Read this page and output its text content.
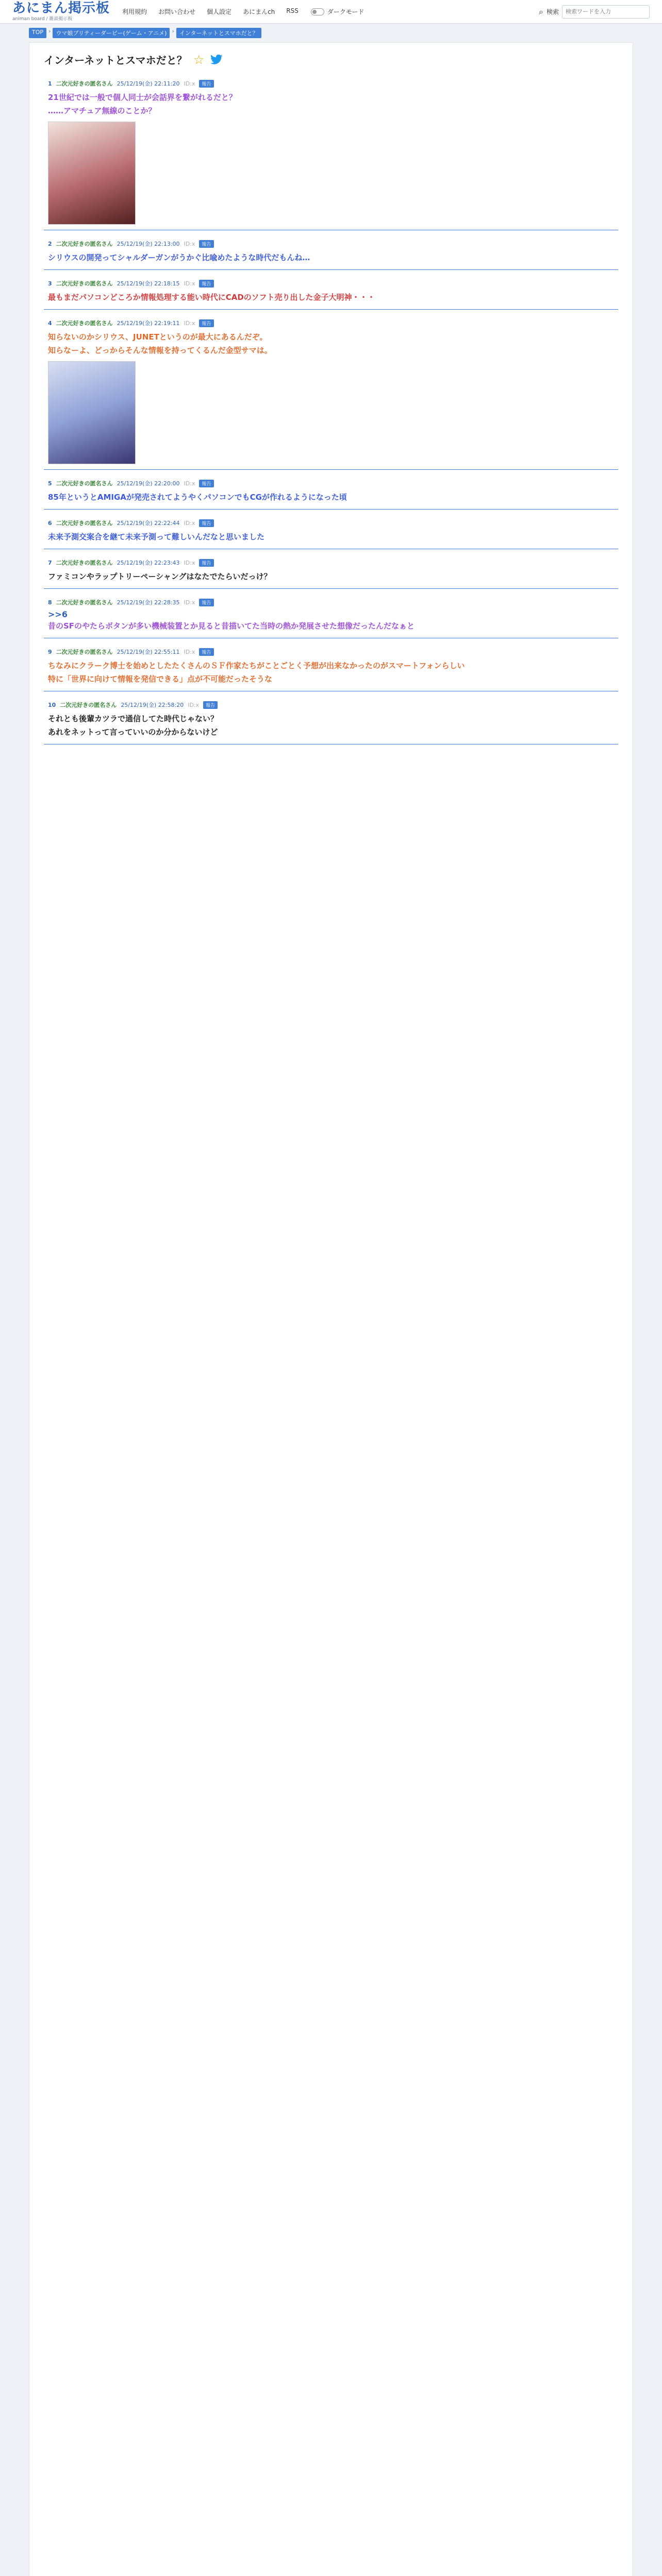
あにまん掲示板
animan board / 雑談掲示板
利用規約 お問い合わせ 個人設定 あにまんch RSS	ダークモード	⌕ 検索
検索ワードを入力
TOP › ウマ娘プリティーダービー(ゲーム・アニメ) › インターネットとスマホだと？
インターネットとスマホだと？ ☆
1 二次元好きの匿名さん 25/12/19(金) 22:11:20 ID:x	報告
21世紀では一般で個人同士が会話界を繋がれるだと？
……アマチュア無線のことか？
2 二次元好きの匿名さん 25/12/19(金) 22:13:00 ID:x	報告
シリウスの開発ってシャルダーガンがうかぐ比喩めたような時代だもんね…
3 二次元好きの匿名さん 25/12/19(金) 22:18:15 ID:x	報告
最もまだパソコンどころか情報処理する能い時代にCADのソフト売り出した金子大明神・・・
4 二次元好きの匿名さん 25/12/19(金) 22:19:11 ID:x	報告
知らないのかシリウス、JUNETというのが最大にあるんだぞ。
知らなーよ、どっからそんな情報を持ってくるんだ金型サマは。
5 二次元好きの匿名さん 25/12/19(金) 22:20:00 ID:x	報告
85年というとAMIGAが発売されてようやくパソコンでもCGが作れるようになった頃
6 二次元好きの匿名さん 25/12/19(金) 22:22:44 ID:x	報告
未来予測交案合を継て未来予測って難しいんだなと思いました
7 二次元好きの匿名さん 25/12/19(金) 22:23:43 ID:x	報告
ファミコンやラップトリーペーシャングはなたでたらいだっけ？
8 二次元好きの匿名さん 25/12/19(金) 22:28:35 ID:x	報告
>>6
昔のSFのやたらボタンが多い機械装置とか見ると昔描いてた当時の熱か発展させた想像だったんだなぁと
9 二次元好きの匿名さん 25/12/19(金) 22:55:11 ID:x	報告
ちなみにクラーク博士を始めとしたたくさんのＳＦ作家たちがことごとく予想が出来なかったのがスマートフォンらしい
特に「世界に向けて情報を発信できる」点が不可能だったそうな
10 二次元好きの匿名さん 25/12/19(金) 22:58:20 ID:x	報告
それとも後輩カツラで通信してた時代じゃない？
あれをネットって言っていいのか分からないけど
